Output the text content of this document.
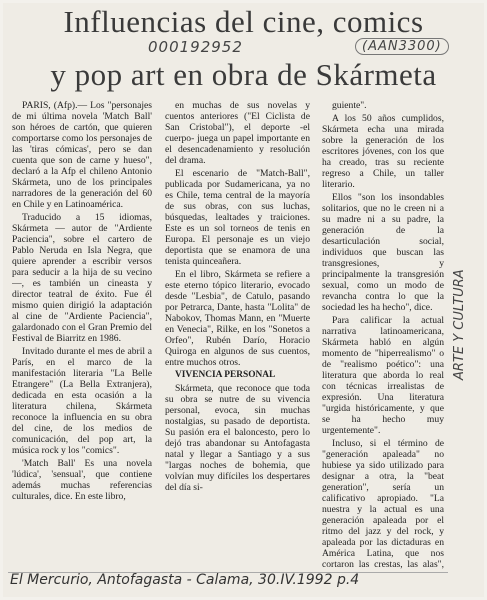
Influencias del cine, comics
y pop art en obra de Skármeta
000192952	(AAN3300)

PARIS, (Afp).— Los "personajes de mi última novela 'Match Ball' son héroes de cartón, que quieren comportarse como los personajes de las 'tiras cómicas', pero se dan cuenta que son de carne y hueso", declaró a la Afp el chileno Antonio Skármeta, uno de los principales narradores de la generación del 60 en Chile y en Latinoamérica.

Traducido a 15 idiomas, Skármeta — autor de "Ardiente Paciencia", sobre el cartero de Pablo Neruda en Isla Negra, que quiere aprender a escribir versos para seducir a la hija de su vecino—, es también un cineasta y director teatral de éxito. Fue él mismo quien dirigió la adaptación al cine de "Ardiente Paciencia", galardonado con el Gran Premio del Festival de Biarritz en 1986.

Invitado durante el mes de abril a París, en el marco de la manifestación literaria "La Belle Etrangere" (La Bella Extranjera), dedicada en esta ocasión a la literatura chilena, Skármeta reconoce la influencia en su obra del cine, de los medios de comunicación, del pop art, la música rock y los "comics".

'Match Ball' Es una novela 'lúdica', 'sensual', que contiene además muchas referencias culturales, dice. En este libro,

en muchas de sus novelas y cuentos anteriores ("El Ciclista de San Cristobal"), el deporte -el cuerpo- juega un papel importante en el desencadenamiento y resolución del drama.

El escenario de "Match-Ball", publicada por Sudamericana, ya no es Chile, tema central de la mayoría de sus obras, con sus luchas, búsquedas, lealtades y traiciones. Este es un sol torneos de tenis en Europa. El personaje es un viejo deportista que se enamora de una tenista quinceañera.

En el libro, Skármeta se refiere a este eterno tópico literario, evocado desde "Lesbia", de Catulo, pasando por Petrarca, Dante, hasta "Lolita" de Nabokov, Thomas Mann, en "Muerte en Venecia", Rilke, en los "Sonetos a Orfeo", Rubén Darío, Horacio Quiroga en algunos de sus cuentos, entre muchos otros.

VIVENCIA PERSONAL

Skármeta, que reconoce que toda su obra se nutre de su vivencia personal, evoca, sin muchas nostalgias, su pasado de deportista. Su pasión era el baloncesto, pero lo dejó tras abandonar su Antofagasta natal y llegar a Santiago y a sus "largas noches de bohemia, que volvían muy difíciles los despertares del día si-

guiente".

A los 50 años cumplidos, Skármeta echa una mirada sobre la generación de los escritores jóvenes, con los que ha creado, tras su reciente regreso a Chile, un taller literario.

Ellos "son los insondables solitarios, que no le creen ni a su madre ni a su padre, la generación de la desarticulación social, individuos que buscan las transgresiones, y principalmente la transgresión sexual, como un modo de revancha contra lo que la sociedad les ha hecho", dice.

Para calificar la actual narrativa latinoamericana, Skármeta habló en algún momento de "hiperrealismo" o de "realismo poético": una literatura que aborda lo real con técnicas irrealistas de expresión. Una literatura "urgida históricamente, y que se ha hecho muy urgentemente".

Incluso, si el término de "generación apaleada" no hubiese ya sido utilizado para designar a otra, la "beat generation", sería un calificativo apropiado. "La nuestra y la actual es una generación apaleada por el ritmo del jazz y del rock, y apaleada por las dictaduras en América Latina, que nos cortaron las crestas, las alas",

ARTE Y CULTURA
El Mercurio, Antofagasta - Calama, 30.IV.1992 p.4
